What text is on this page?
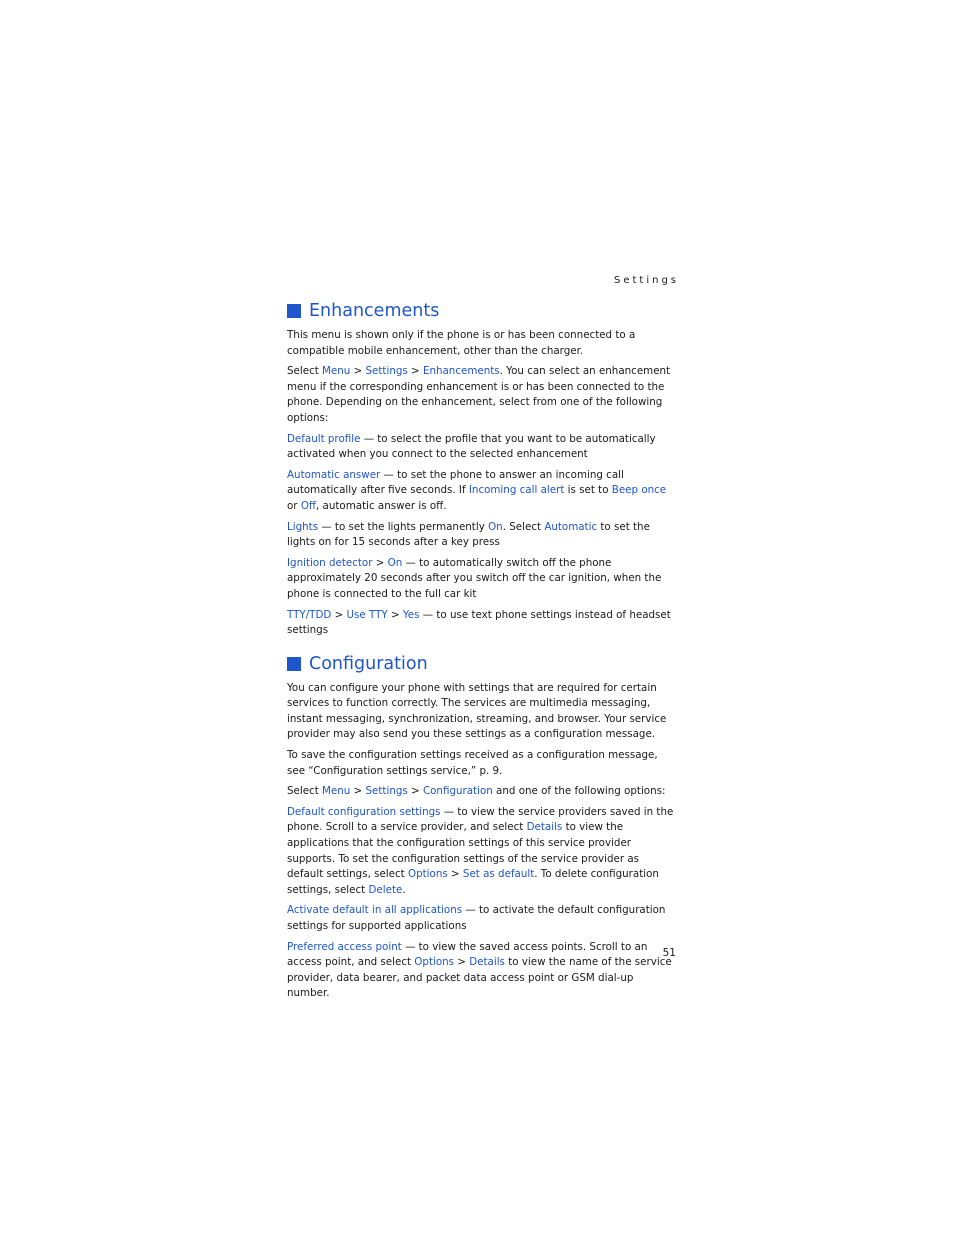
Settings
Enhancements

This menu is shown only if the phone is or has been connected to a compatible mobile enhancement, other than the charger.

Select Menu > Settings > Enhancements. You can select an enhancement menu if the corresponding enhancement is or has been connected to the phone. Depending on the enhancement, select from one of the following options:

Default profile — to select the profile that you want to be automatically activated when you connect to the selected enhancement

Automatic answer — to set the phone to answer an incoming call automatically after five seconds. If Incoming call alert is set to Beep once or Off, automatic answer is off.

Lights — to set the lights permanently On. Select Automatic to set the lights on for 15 seconds after a key press

Ignition detector > On — to automatically switch off the phone approximately 20 seconds after you switch off the car ignition, when the phone is connected to the full car kit

TTY/TDD > Use TTY > Yes — to use text phone settings instead of headset settings

Configuration

You can configure your phone with settings that are required for certain services to function correctly. The services are multimedia messaging, instant messaging, synchronization, streaming, and browser. Your service provider may also send you these settings as a configuration message.

To save the configuration settings received as a configuration message, see “Configuration settings service,” p. 9.

Select Menu > Settings > Configuration and one of the following options:

Default configuration settings — to view the service providers saved in the phone. Scroll to a service provider, and select Details to view the applications that the configuration settings of this service provider supports. To set the configuration settings of the service provider as default settings, select Options > Set as default. To delete configuration settings, select Delete.

Activate default in all applications — to activate the default configuration settings for supported applications

Preferred access point — to view the saved access points. Scroll to an access point, and select Options > Details to view the name of the service provider, data bearer, and packet data access point or GSM dial-up number.

51
